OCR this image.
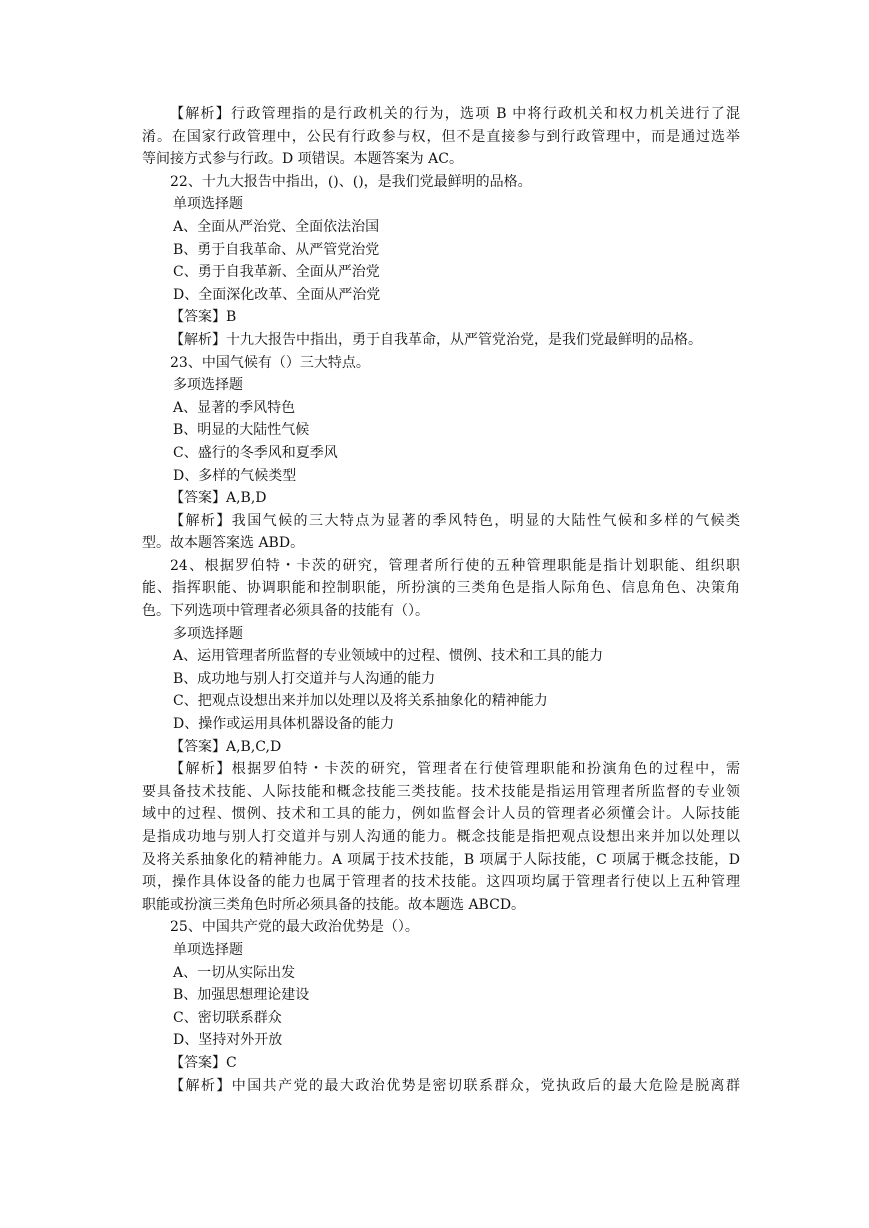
【解析】行政管理指的是行政机关的行为，选项 B 中将行政机关和权力机关进行了混
淆。在国家行政管理中，公民有行政参与权，但不是直接参与到行政管理中，而是通过选举
等间接方式参与行政。D 项错误。本题答案为 AC。
22、十九大报告中指出，()、()，是我们党最鲜明的品格。
单项选择题
A、全面从严治党、全面依法治国
B、勇于自我革命、从严管党治党
C、勇于自我革新、全面从严治党
D、全面深化改革、全面从严治党
【答案】B
【解析】十九大报告中指出，勇于自我革命，从严管党治党，是我们党最鲜明的品格。
23、中国气候有（）三大特点。
多项选择题
A、显著的季风特色
B、明显的大陆性气候
C、盛行的冬季风和夏季风
D、多样的气候类型
【答案】A,B,D
【解析】我国气候的三大特点为显著的季风特色，明显的大陆性气候和多样的气候类
型。故本题答案选 ABD。
24、根据罗伯特・卡茨的研究，管理者所行使的五种管理职能是指计划职能、组织职
能、指挥职能、协调职能和控制职能，所扮演的三类角色是指人际角色、信息角色、决策角
色。下列选项中管理者必须具备的技能有（）。
多项选择题
A、运用管理者所监督的专业领域中的过程、惯例、技术和工具的能力
B、成功地与别人打交道并与人沟通的能力
C、把观点设想出来并加以处理以及将关系抽象化的精神能力
D、操作或运用具体机器设备的能力
【答案】A,B,C,D
【解析】根据罗伯特・卡茨的研究，管理者在行使管理职能和扮演角色的过程中，需
要具备技术技能、人际技能和概念技能三类技能。技术技能是指运用管理者所监督的专业领
域中的过程、惯例、技术和工具的能力，例如监督会计人员的管理者必须懂会计。人际技能
是指成功地与别人打交道并与别人沟通的能力。概念技能是指把观点设想出来并加以处理以
及将关系抽象化的精神能力。A 项属于技术技能，B 项属于人际技能，C 项属于概念技能，D
项，操作具体设备的能力也属于管理者的技术技能。这四项均属于管理者行使以上五种管理
职能或扮演三类角色时所必须具备的技能。故本题选 ABCD。
25、中国共产党的最大政治优势是（）。
单项选择题
A、一切从实际出发
B、加强思想理论建设
C、密切联系群众
D、坚持对外开放
【答案】C
【解析】中国共产党的最大政治优势是密切联系群众，党执政后的最大危险是脱离群
